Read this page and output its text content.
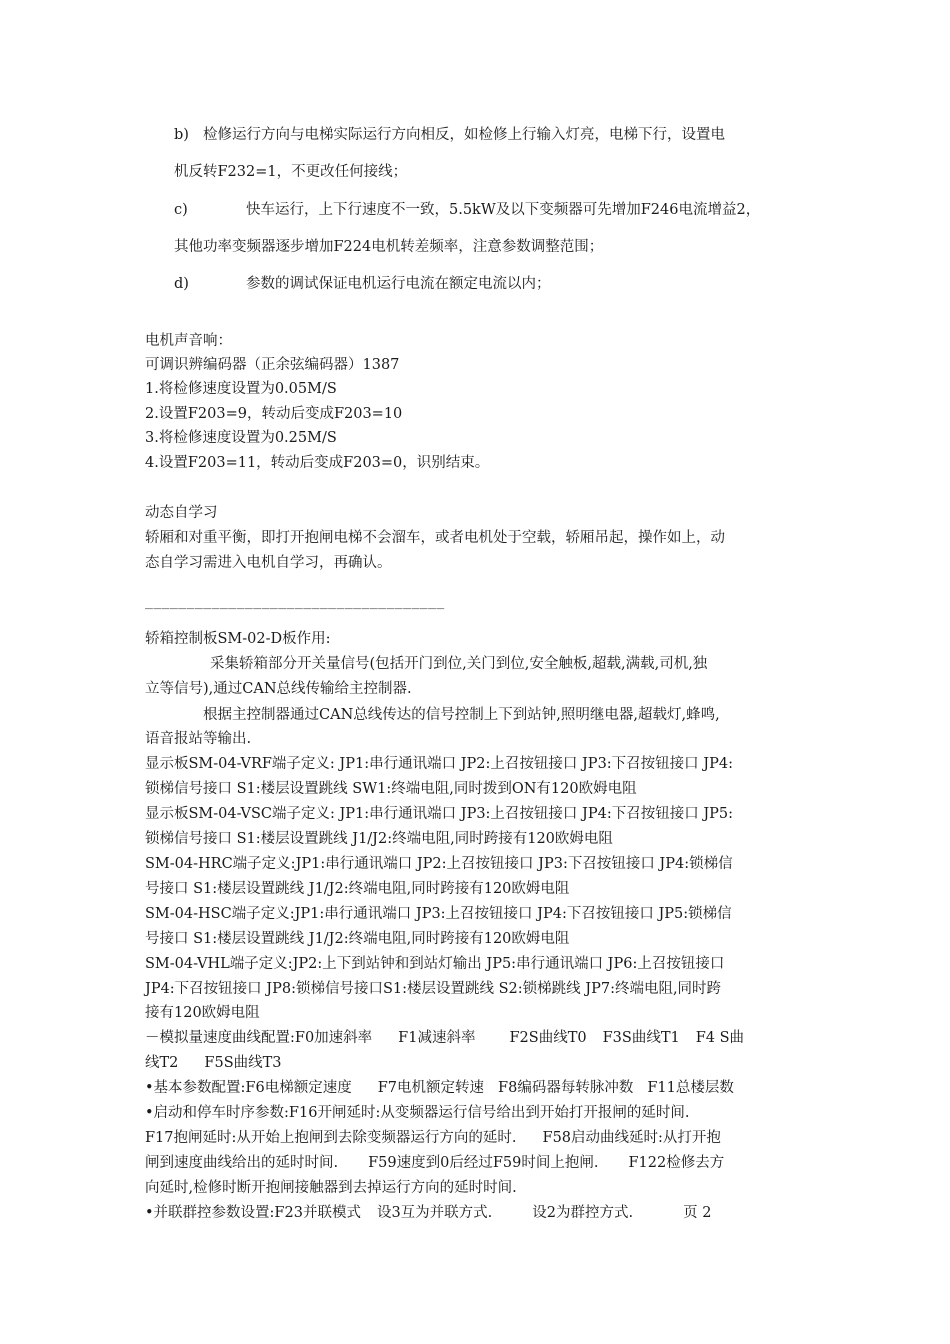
b) 检修运行方向与电梯实际运行方向相反，如检修上行输入灯亮，电梯下行，设置电
机反转F232=1，不更改任何接线；
c)	快车运行，上下行速度不一致，5.5kW及以下变频器可先增加F246电流增益2，
其他功率变频器逐步增加F224电机转差频率，注意参数调整范围；
d)	参数的调试保证电机运行电流在额定电流以内；
电机声音响：
可调识辨编码器（正余弦编码器）1387
1.将检修速度设置为0.05M/S
2.设置F203=9，转动后变成F203=10
3.将检修速度设置为0.25M/S
4.设置F203=11，转动后变成F203=0，识别结束。
动态自学习
轿厢和对重平衡，即打开抱闸电梯不会溜车，或者电机处于空载，轿厢吊起，操作如上，动
态自学习需进入电机自学习，再确认。
____________________________________
轿箱控制板SM-02-D板作用:
采集轿箱部分开关量信号(包括开门到位,关门到位,安全触板,超载,满载,司机,独
立等信号),通过CAN总线传输给主控制器.
根据主控制器通过CAN总线传达的信号控制上下到站钟,照明继电器,超载灯,蜂鸣,
语音报站等输出.
显示板SM-04-VRF端子定义: JP1:串行通讯端口 JP2:上召按钮接口 JP3:下召按钮接口 JP4:
锁梯信号接口 S1:楼层设置跳线 SW1:终端电阻,同时拨到ON有120欧姆电阻
显示板SM-04-VSC端子定义: JP1:串行通讯端口 JP3:上召按钮接口 JP4:下召按钮接口 JP5:
锁梯信号接口 S1:楼层设置跳线 J1/J2:终端电阻,同时跨接有120欧姆电阻
SM-04-HRC端子定义:JP1:串行通讯端口 JP2:上召按钮接口 JP3:下召按钮接口 JP4:锁梯信
号接口 S1:楼层设置跳线 J1/J2:终端电阻,同时跨接有120欧姆电阻
SM-04-HSC端子定义:JP1:串行通讯端口 JP3:上召按钮接口 JP4:下召按钮接口 JP5:锁梯信
号接口 S1:楼层设置跳线 J1/J2:终端电阻,同时跨接有120欧姆电阻
SM-04-VHL端子定义:JP2:上下到站钟和到站灯输出 JP5:串行通讯端口 JP6:上召按钮接口
JP4:下召按钮接口 JP8:锁梯信号接口S1:楼层设置跳线 S2:锁梯跳线 JP7:终端电阻,同时跨
接有120欧姆电阻
－模拟量速度曲线配置:F0加速斜率 F1减速斜率 F2S曲线T0 F3S曲线T1 F4 S曲
线T2 F5S曲线T3
•基本参数配置:F6电梯额定速度 F7电机额定转速 F8编码器每转脉冲数 F11总楼层数
•启动和停车时序参数:F16开闸延时:从变频器运行信号给出到开始打开报闸的延时间.
F17抱闸延时:从开始上抱闸到去除变频器运行方向的延时. F58启动曲线延时:从打开抱
闸到速度曲线给出的延时时间. F59速度到0后经过F59时间上抱闸. F122检修去方
向延时,检修时断开抱闸接触器到去掉运行方向的延时时间.
•并联群控参数设置:F23并联模式 设3互为并联方式.	设2为群控方式.	页 2
